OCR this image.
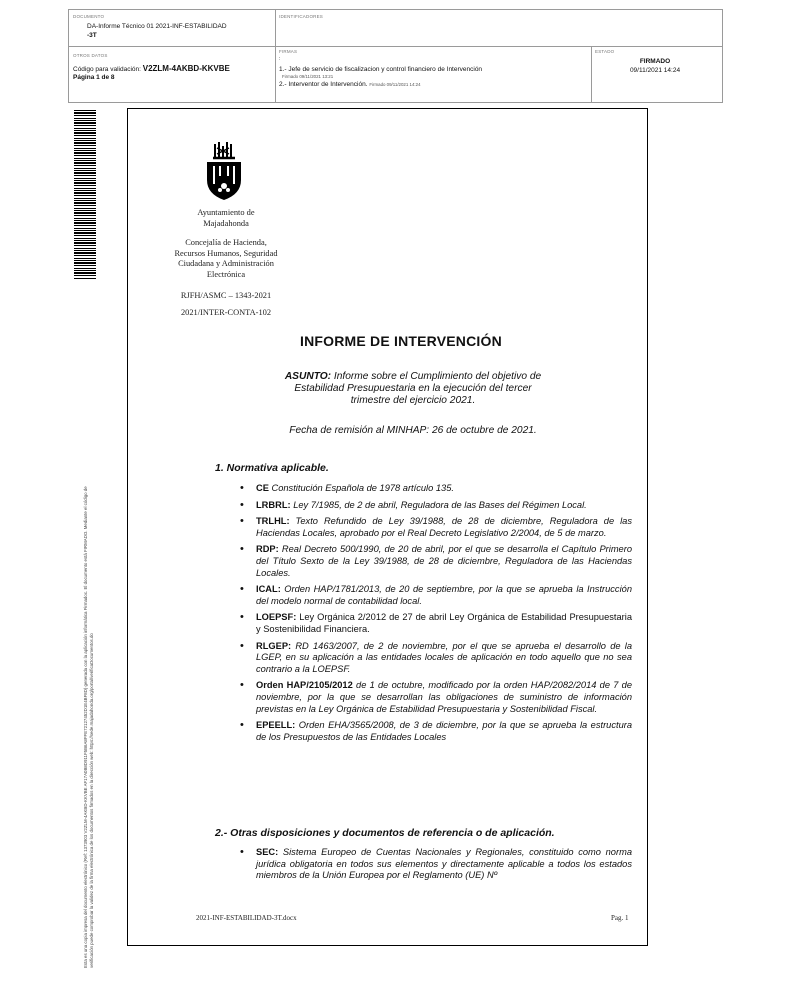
DOCUMENTO
DA-Informe Técnico 01 2021-INF-ESTABILIDAD
-3T
IDENTIFICADORES
OTROS DATOS
Código para validación: V2ZLM-4AKBD-KKVBE
Página 1 de 8
FIRMAS
:
1.- Jefe de servicio de fiscalizacion y control financiero de Intervención
Firmado 09/11/2021 13:21
2.- Interventor de Intervención. Firmado 09/11/2021 14:24
ESTADO
FIRMADO
09/11/2021 14:24
Esta es una copia impresa del documento electrónico (Ref: 1373903 V2ZLM-4AKBD-KKVBE AF17A0B8D911F5B6A8FFE72127452D1E4BF8D) generada con la aplicación informática Firmadoc. El documento está FIRMADO. Mediante el código de verificación puede comprobar la validez de la firma electrónica de los documentos firmados en la dirección web: https://sede.majadahonda.org/portal/verificaDocumentos.do
Ayuntamiento de
Majadahonda
Concejalía de Hacienda,
Recursos Humanos, Seguridad
Ciudadana y Administración
Electrónica
RJFH/ASMC – 1343-2021
2021/INTER-CONTA-102
INFORME DE INTERVENCIÓN
ASUNTO: Informe sobre el Cumplimiento del objetivo de
Estabilidad Presupuestaria en la ejecución del tercer
trimestre del ejercicio 2021.
Fecha de remisión al MINHAP: 26 de octubre de 2021.
1. Normativa aplicable.
• CE Constitución Española de 1978 artículo 135.
• LRBRL: Ley 7/1985, de 2 de abril, Reguladora de las Bases del Régimen Local.
• TRLHL: Texto Refundido de Ley 39/1988, de 28 de diciembre, Reguladora de las Haciendas Locales, aprobado por el Real Decreto Legislativo 2/2004, de 5 de marzo.
• RDP: Real Decreto 500/1990, de 20 de abril, por el que se desarrolla el Capítulo Primero del Título Sexto de la Ley 39/1988, de 28 de diciembre, Reguladora de las Haciendas Locales.
• ICAL: Orden HAP/1781/2013, de 20 de septiembre, por la que se aprueba la Instrucción del modelo normal de contabilidad local.
• LOEPSF: Ley Orgánica 2/2012 de 27 de abril Ley Orgánica de Estabilidad Presupuestaria y Sostenibilidad Financiera.
• RLGEP: RD 1463/2007, de 2 de noviembre, por el que se aprueba el desarrollo de la LGEP, en su aplicación a las entidades locales de aplicación en todo aquello que no sea contrario a la LOEPSF.
• Orden HAP/2105/2012 de 1 de octubre, modificado por la orden HAP/2082/2014 de 7 de noviembre, por la que se desarrollan las obligaciones de suministro de información previstas en la Ley Orgánica de Estabilidad Presupuestaria y Sostenibilidad Fiscal.
• EPEELL: Orden EHA/3565/2008, de 3 de diciembre, por la que se aprueba la estructura de los Presupuestos de las Entidades Locales
2.- Otras disposiciones y documentos de referencia o de aplicación.
• SEC: Sistema Europeo de Cuentas Nacionales y Regionales, constituido como norma jurídica obligatoria en todos sus elementos y directamente aplicable a todos los estados miembros de la Unión Europea por el Reglamento (UE) Nº
2021-INF-ESTABILIDAD-3T.docx	Pag. 1
